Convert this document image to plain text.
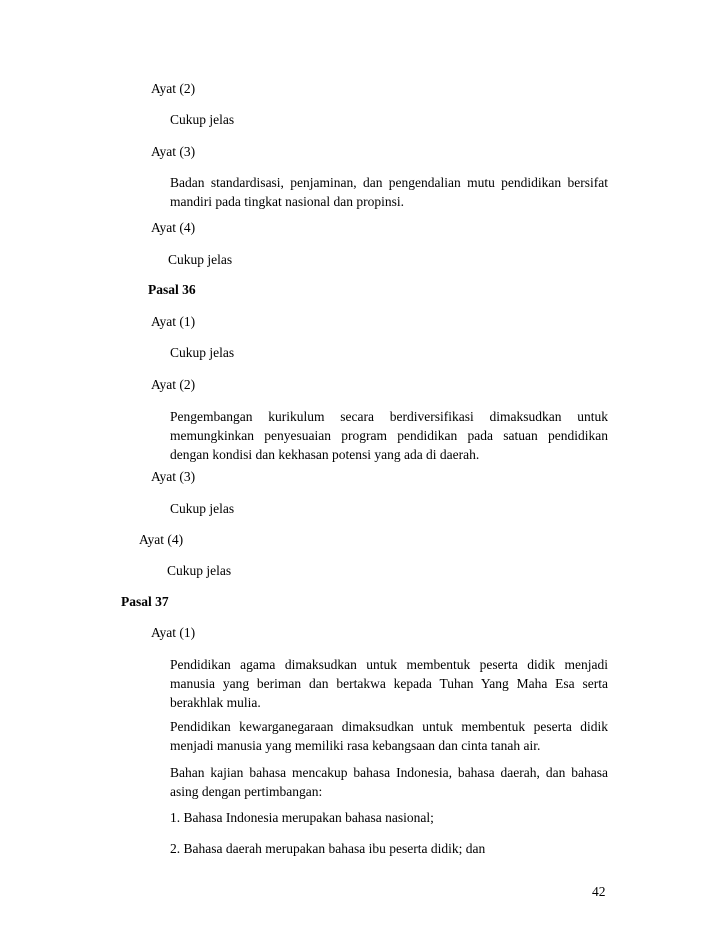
Ayat (2)
Cukup jelas
Ayat (3)
Badan standardisasi, penjaminan, dan pengendalian mutu pendidikan bersifat mandiri pada tingkat nasional dan propinsi.
Ayat (4)
Cukup jelas
Pasal 36
Ayat (1)
Cukup jelas
Ayat (2)
Pengembangan kurikulum secara berdiversifikasi dimaksudkan untuk memungkinkan penyesuaian program pendidikan pada satuan pendidikan dengan kondisi dan kekhasan potensi yang ada di daerah.
Ayat (3)
Cukup jelas
Ayat (4)
Cukup jelas
Pasal 37
Ayat (1)
Pendidikan agama dimaksudkan untuk membentuk peserta didik menjadi manusia yang beriman dan bertakwa kepada Tuhan Yang Maha Esa serta berakhlak mulia.
Pendidikan kewarganegaraan dimaksudkan untuk membentuk peserta didik menjadi manusia yang memiliki rasa kebangsaan dan cinta tanah air.
Bahan kajian bahasa mencakup bahasa Indonesia, bahasa daerah, dan bahasa asing dengan pertimbangan:
1. Bahasa Indonesia merupakan bahasa nasional;
2. Bahasa daerah merupakan bahasa ibu peserta didik; dan
42
